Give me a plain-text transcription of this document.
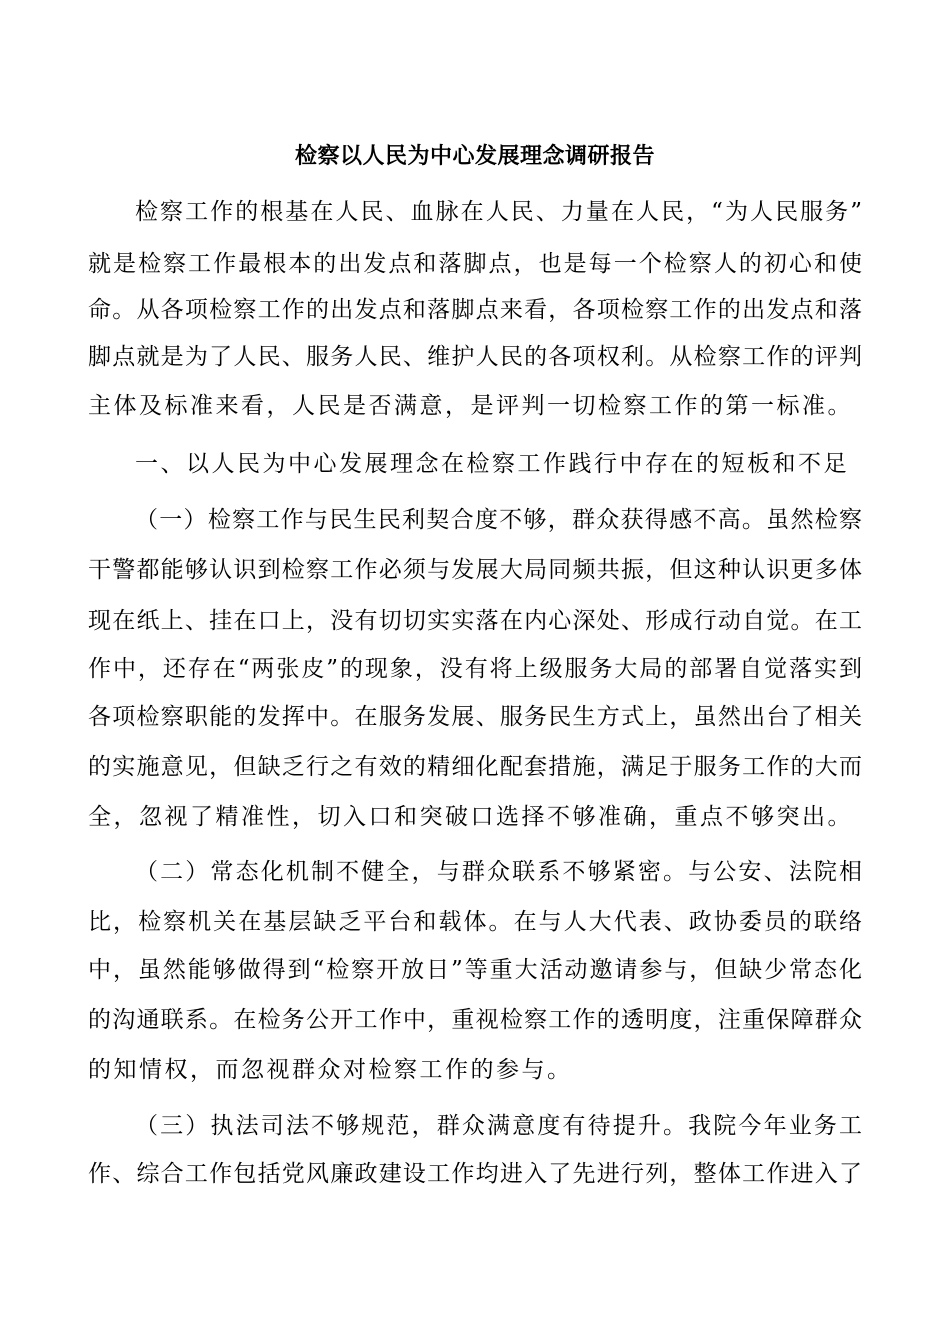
检察以人民为中心发展理念调研报告
检察工作的根基在人民、血脉在人民、力量在人民，“为人民服务”
就是检察工作最根本的出发点和落脚点，也是每一个检察人的初心和使
命。从各项检察工作的出发点和落脚点来看，各项检察工作的出发点和落
脚点就是为了人民、服务人民、维护人民的各项权利。从检察工作的评判
主体及标准来看，人民是否满意，是评判一切检察工作的第一标准。
一、以人民为中心发展理念在检察工作践行中存在的短板和不足
（一）检察工作与民生民利契合度不够，群众获得感不高。虽然检察
干警都能够认识到检察工作必须与发展大局同频共振，但这种认识更多体
现在纸上、挂在口上，没有切切实实落在内心深处、形成行动自觉。在工
作中，还存在“两张皮”的现象，没有将上级服务大局的部署自觉落实到
各项检察职能的发挥中。在服务发展、服务民生方式上，虽然出台了相关
的实施意见，但缺乏行之有效的精细化配套措施，满足于服务工作的大而
全，忽视了精准性，切入口和突破口选择不够准确，重点不够突出。
（二）常态化机制不健全，与群众联系不够紧密。与公安、法院相
比，检察机关在基层缺乏平台和载体。在与人大代表、政协委员的联络
中，虽然能够做得到“检察开放日”等重大活动邀请参与，但缺少常态化
的沟通联系。在检务公开工作中，重视检察工作的透明度，注重保障群众
的知情权，而忽视群众对检察工作的参与。
（三）执法司法不够规范，群众满意度有待提升。我院今年业务工
作、综合工作包括党风廉政建设工作均进入了先进行列，整体工作进入了
